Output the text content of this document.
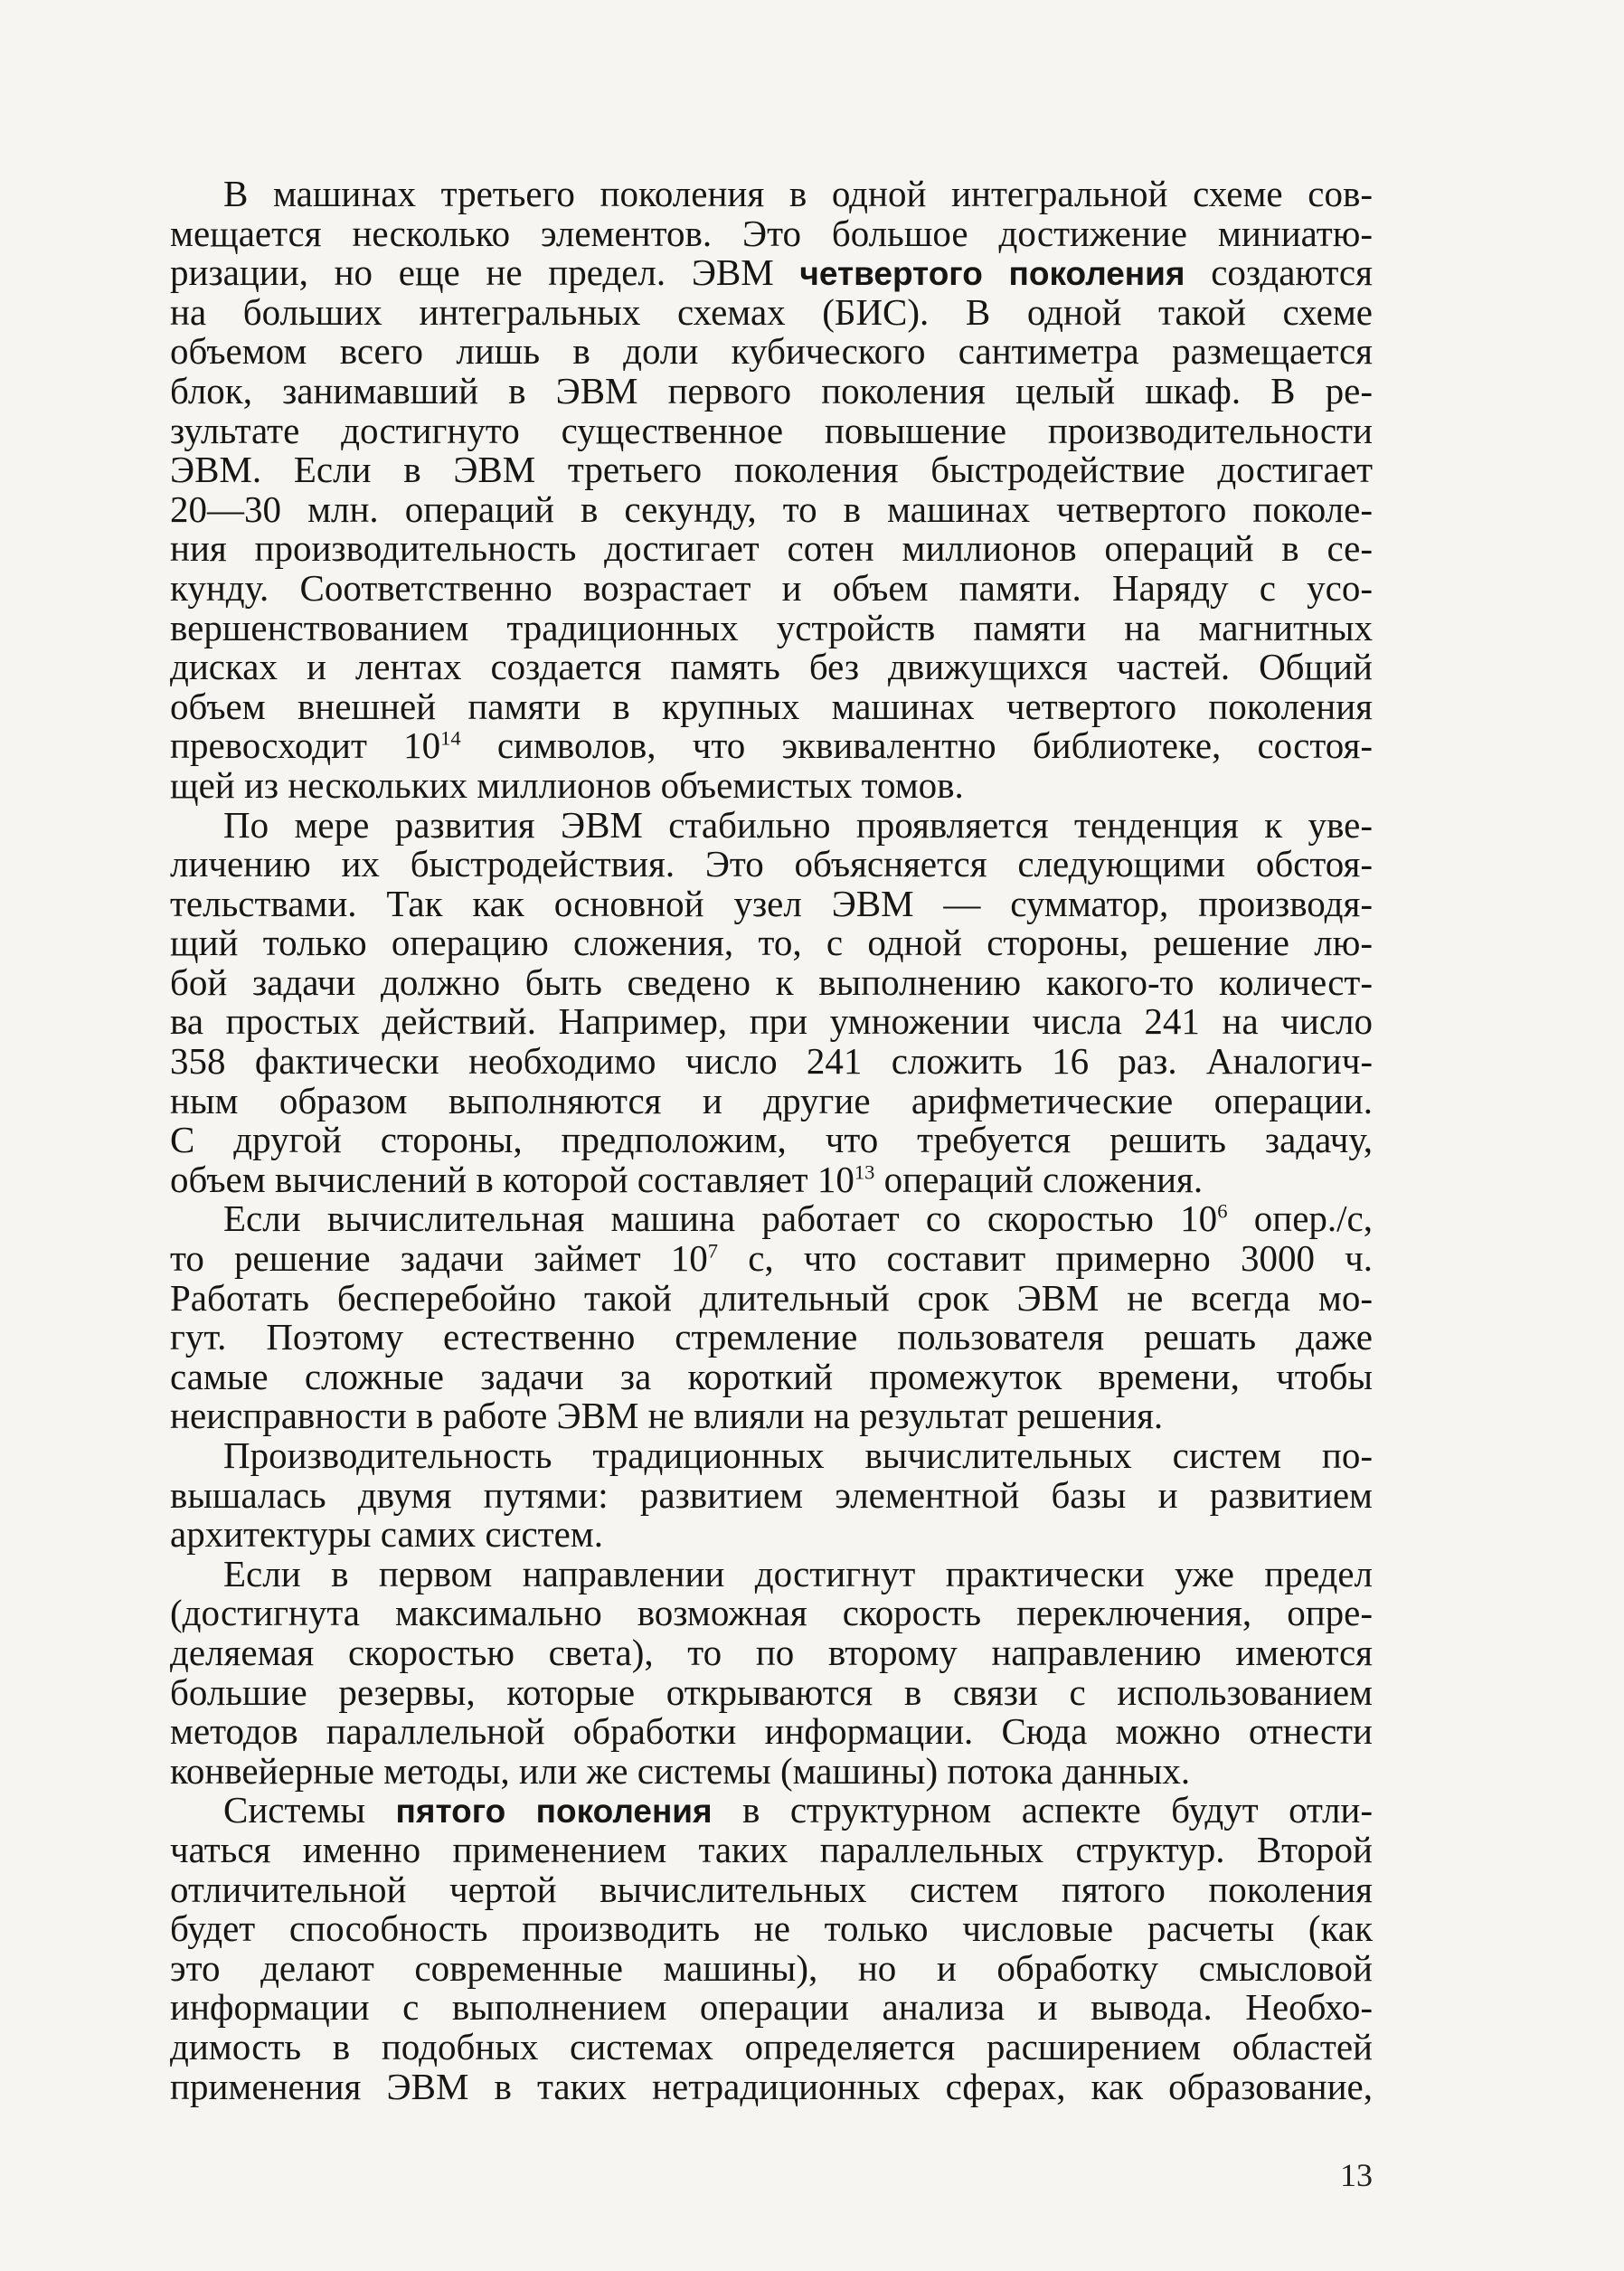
В машинах третьего поколения в одной интегральной схеме сов-
мещается несколько элементов. Это большое достижение миниатю-
ризации, но еще не предел. ЭВМ четвертого поколения создаются
на больших интегральных схемах (БИС). В одной такой схеме
объемом всего лишь в доли кубического сантиметра размещается
блок, занимавший в ЭВМ первого поколения целый шкаф. В ре-
зультате достигнуто существенное повышение производительности
ЭВМ. Если в ЭВМ третьего поколения быстродействие достигает
20—30 млн. операций в секунду, то в машинах четвертого поколе-
ния производительность достигает сотен миллионов операций в се-
кунду. Соответственно возрастает и объем памяти. Наряду с усо-
вершенствованием традиционных устройств памяти на магнитных
дисках и лентах создается память без движущихся частей. Общий
объем внешней памяти в крупных машинах четвертого поколения
превосходит $10^{14}$ символов, что эквивалентно библиотеке, состоя-
щей из нескольких миллионов объемистых томов.
По мере развития ЭВМ стабильно проявляется тенденция к уве-
личению их быстродействия. Это объясняется следующими обстоя-
тельствами. Так как основной узел ЭВМ — сумматор, производя-
щий только операцию сложения, то, с одной стороны, решение лю-
бой задачи должно быть сведено к выполнению какого-то количест-
ва простых действий. Например, при умножении числа 241 на число
358 фактически необходимо число 241 сложить 16 раз. Аналогич-
ным образом выполняются и другие арифметические операции.
С другой стороны, предположим, что требуется решить задачу,
объем вычислений в которой составляет $10^{13}$ операций сложения.
Если вычислительная машина работает со скоростью $10^6$ опер./с,
то решение задачи займет $10^7$ с, что составит примерно 3000 ч.
Работать бесперебойно такой длительный срок ЭВМ не всегда мо-
гут. Поэтому естественно стремление пользователя решать даже
самые сложные задачи за короткий промежуток времени, чтобы
неисправности в работе ЭВМ не влияли на результат решения.
Производительность традиционных вычислительных систем по-
вышалась двумя путями: развитием элементной базы и развитием
архитектуры самих систем.
Если в первом направлении достигнут практически уже предел
(достигнута максимально возможная скорость переключения, опре-
деляемая скоростью света), то по второму направлению имеются
большие резервы, которые открываются в связи с использованием
методов параллельной обработки информации. Сюда можно отнести
конвейерные методы, или же системы (машины) потока данных.
Системы пятого поколения в структурном аспекте будут отли-
чаться именно применением таких параллельных структур. Второй
отличительной чертой вычислительных систем пятого поколения
будет способность производить не только числовые расчеты (как
это делают современные машины), но и обработку смысловой
информации с выполнением операции анализа и вывода. Необхо-
димость в подобных системах определяется расширением областей
применения ЭВМ в таких нетрадиционных сферах, как образование,
13
